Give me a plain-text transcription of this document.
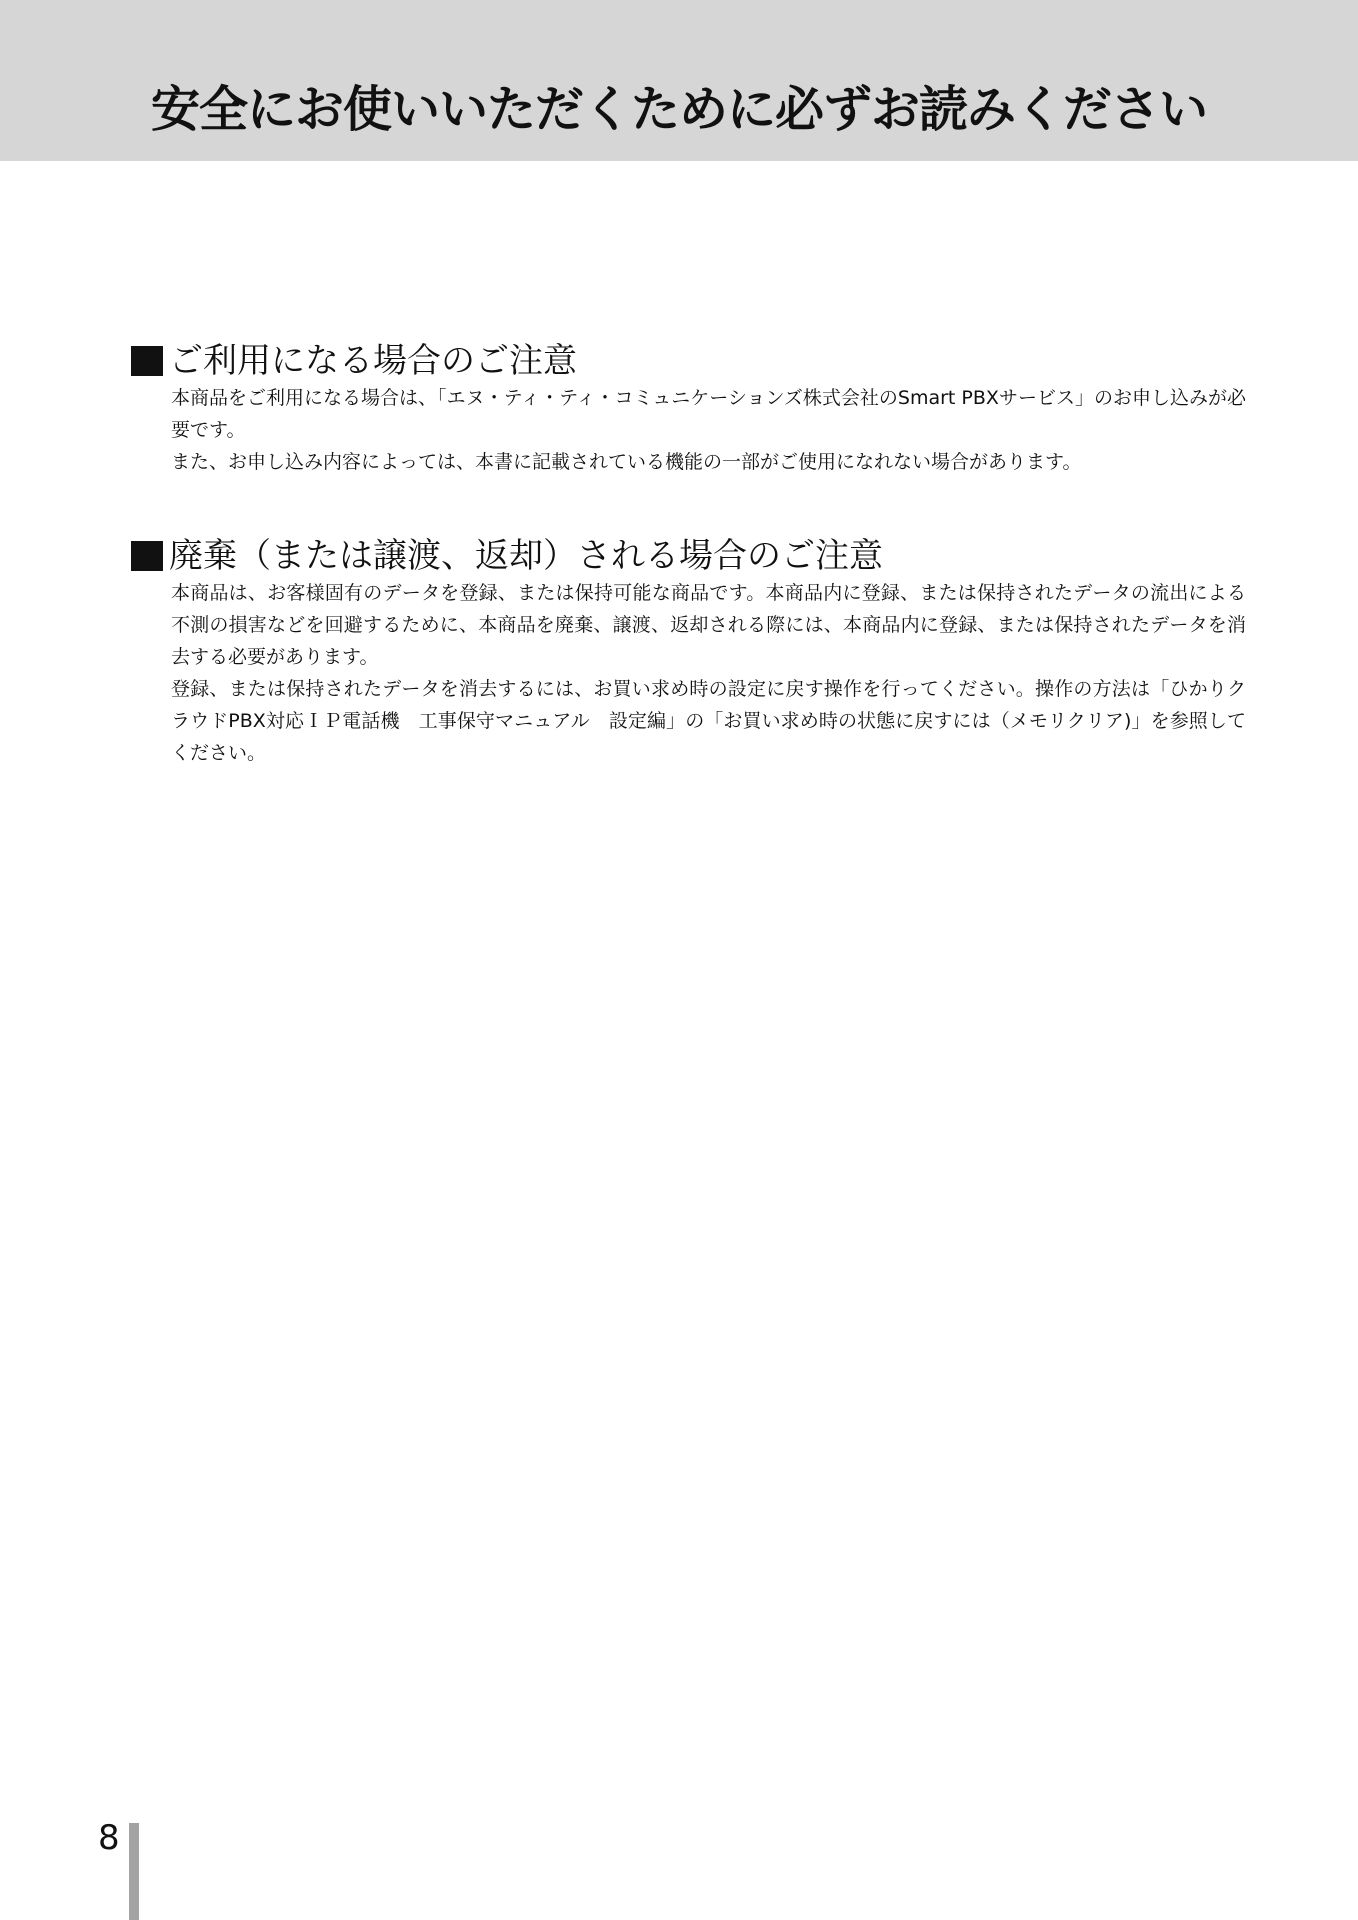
安全にお使いいただくために必ずお読みください
ご利用になる場合のご注意

本商品をご利用になる場合は、「エヌ・ティ・ティ・コミュニケーションズ株式会社のSmart PBXサービス」のお申し込みが必要です。

また、お申し込み内容によっては、本書に記載されている機能の一部がご使用になれない場合があります。

廃棄（または譲渡、返却）される場合のご注意

本商品は、お客様固有のデータを登録、または保持可能な商品です。本商品内に登録、または保持されたデータの流出による不測の損害などを回避するために、本商品を廃棄、譲渡、返却される際には、本商品内に登録、または保持されたデータを消去する必要があります。

登録、または保持されたデータを消去するには、お買い求め時の設定に戻す操作を行ってください。操作の方法は「ひかりクラウドPBX対応ＩＰ電話機　工事保守マニュアル　設定編」の「お買い求め時の状態に戻すには（メモリクリア)」を参照してください。

8
